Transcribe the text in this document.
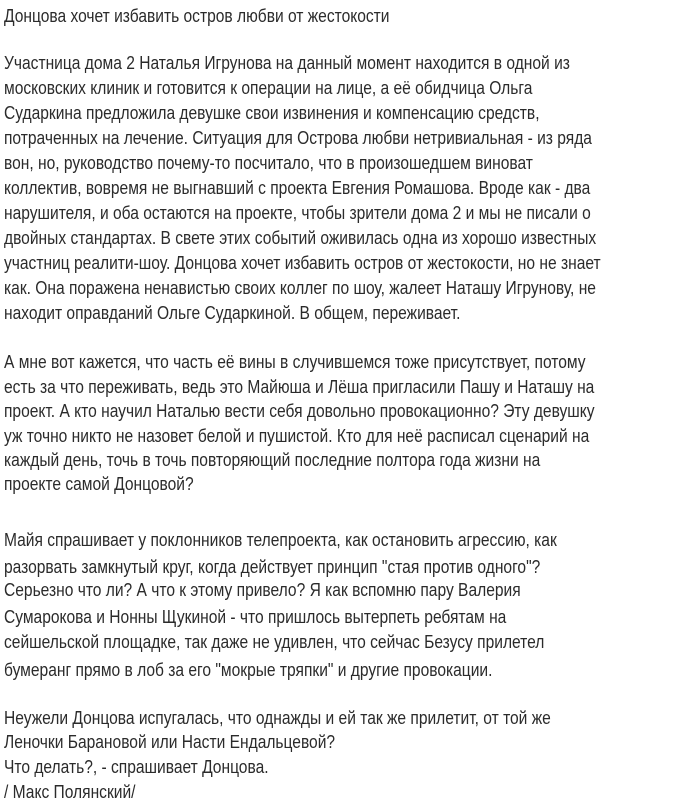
Донцова хочет избавить остров любви от жестокости
Участница дома 2 Наталья Игрунова на данный момент находится в одной из
московских клиник и готовится к операции на лице, а её обидчица Ольга
Сударкина предложила девушке свои извинения и компенсацию средств,
потраченных на лечение. Ситуация для Острова любви нетривиальная - из ряда
вон, но, руководство почему-то посчитало, что в произошедшем виноват
коллектив, вовремя не выгнавший с проекта Евгения Ромашова. Вроде как - два
нарушителя, и оба остаются на проекте, чтобы зрители дома 2 и мы не писали о
двойных стандартах. В свете этих событий оживилась одна из хорошо известных
участниц реалити-шоу. Донцова хочет избавить остров от жестокости, но не знает
как. Она поражена ненавистью своих коллег по шоу, жалеет Наташу Игрунову, не
находит оправданий Ольге Сударкиной. В общем, переживает.
А мне вот кажется, что часть её вины в случившемся тоже присутствует, потому
есть за что переживать, ведь это Майюша и Лёша пригласили Пашу и Наташу на
проект. А кто научил Наталью вести себя довольно провокационно? Эту девушку
уж точно никто не назовет белой и пушистой. Кто для неё расписал сценарий на
каждый день, точь в точь повторяющий последние полтора года жизни на
проекте самой Донцовой?
Майя спрашивает у поклонников телепроекта, как остановить агрессию, как
разорвать замкнутый круг, когда действует принцип "стая против одного"?
Серьезно что ли? А что к этому привело? Я как вспомню пару Валерия
Сумарокова и Нонны Щукиной - что пришлось вытерпеть ребятам на
сейшельской площадке, так даже не удивлен, что сейчас Безусу прилетел
бумеранг прямо в лоб за его "мокрые тряпки" и другие провокации.
Неужели Донцова испугалась, что однажды и ей так же прилетит, от той же
Леночки Барановой или Насти Ендальцевой?
Что делать?, - спрашивает Донцова.
/ Макс Полянский/
